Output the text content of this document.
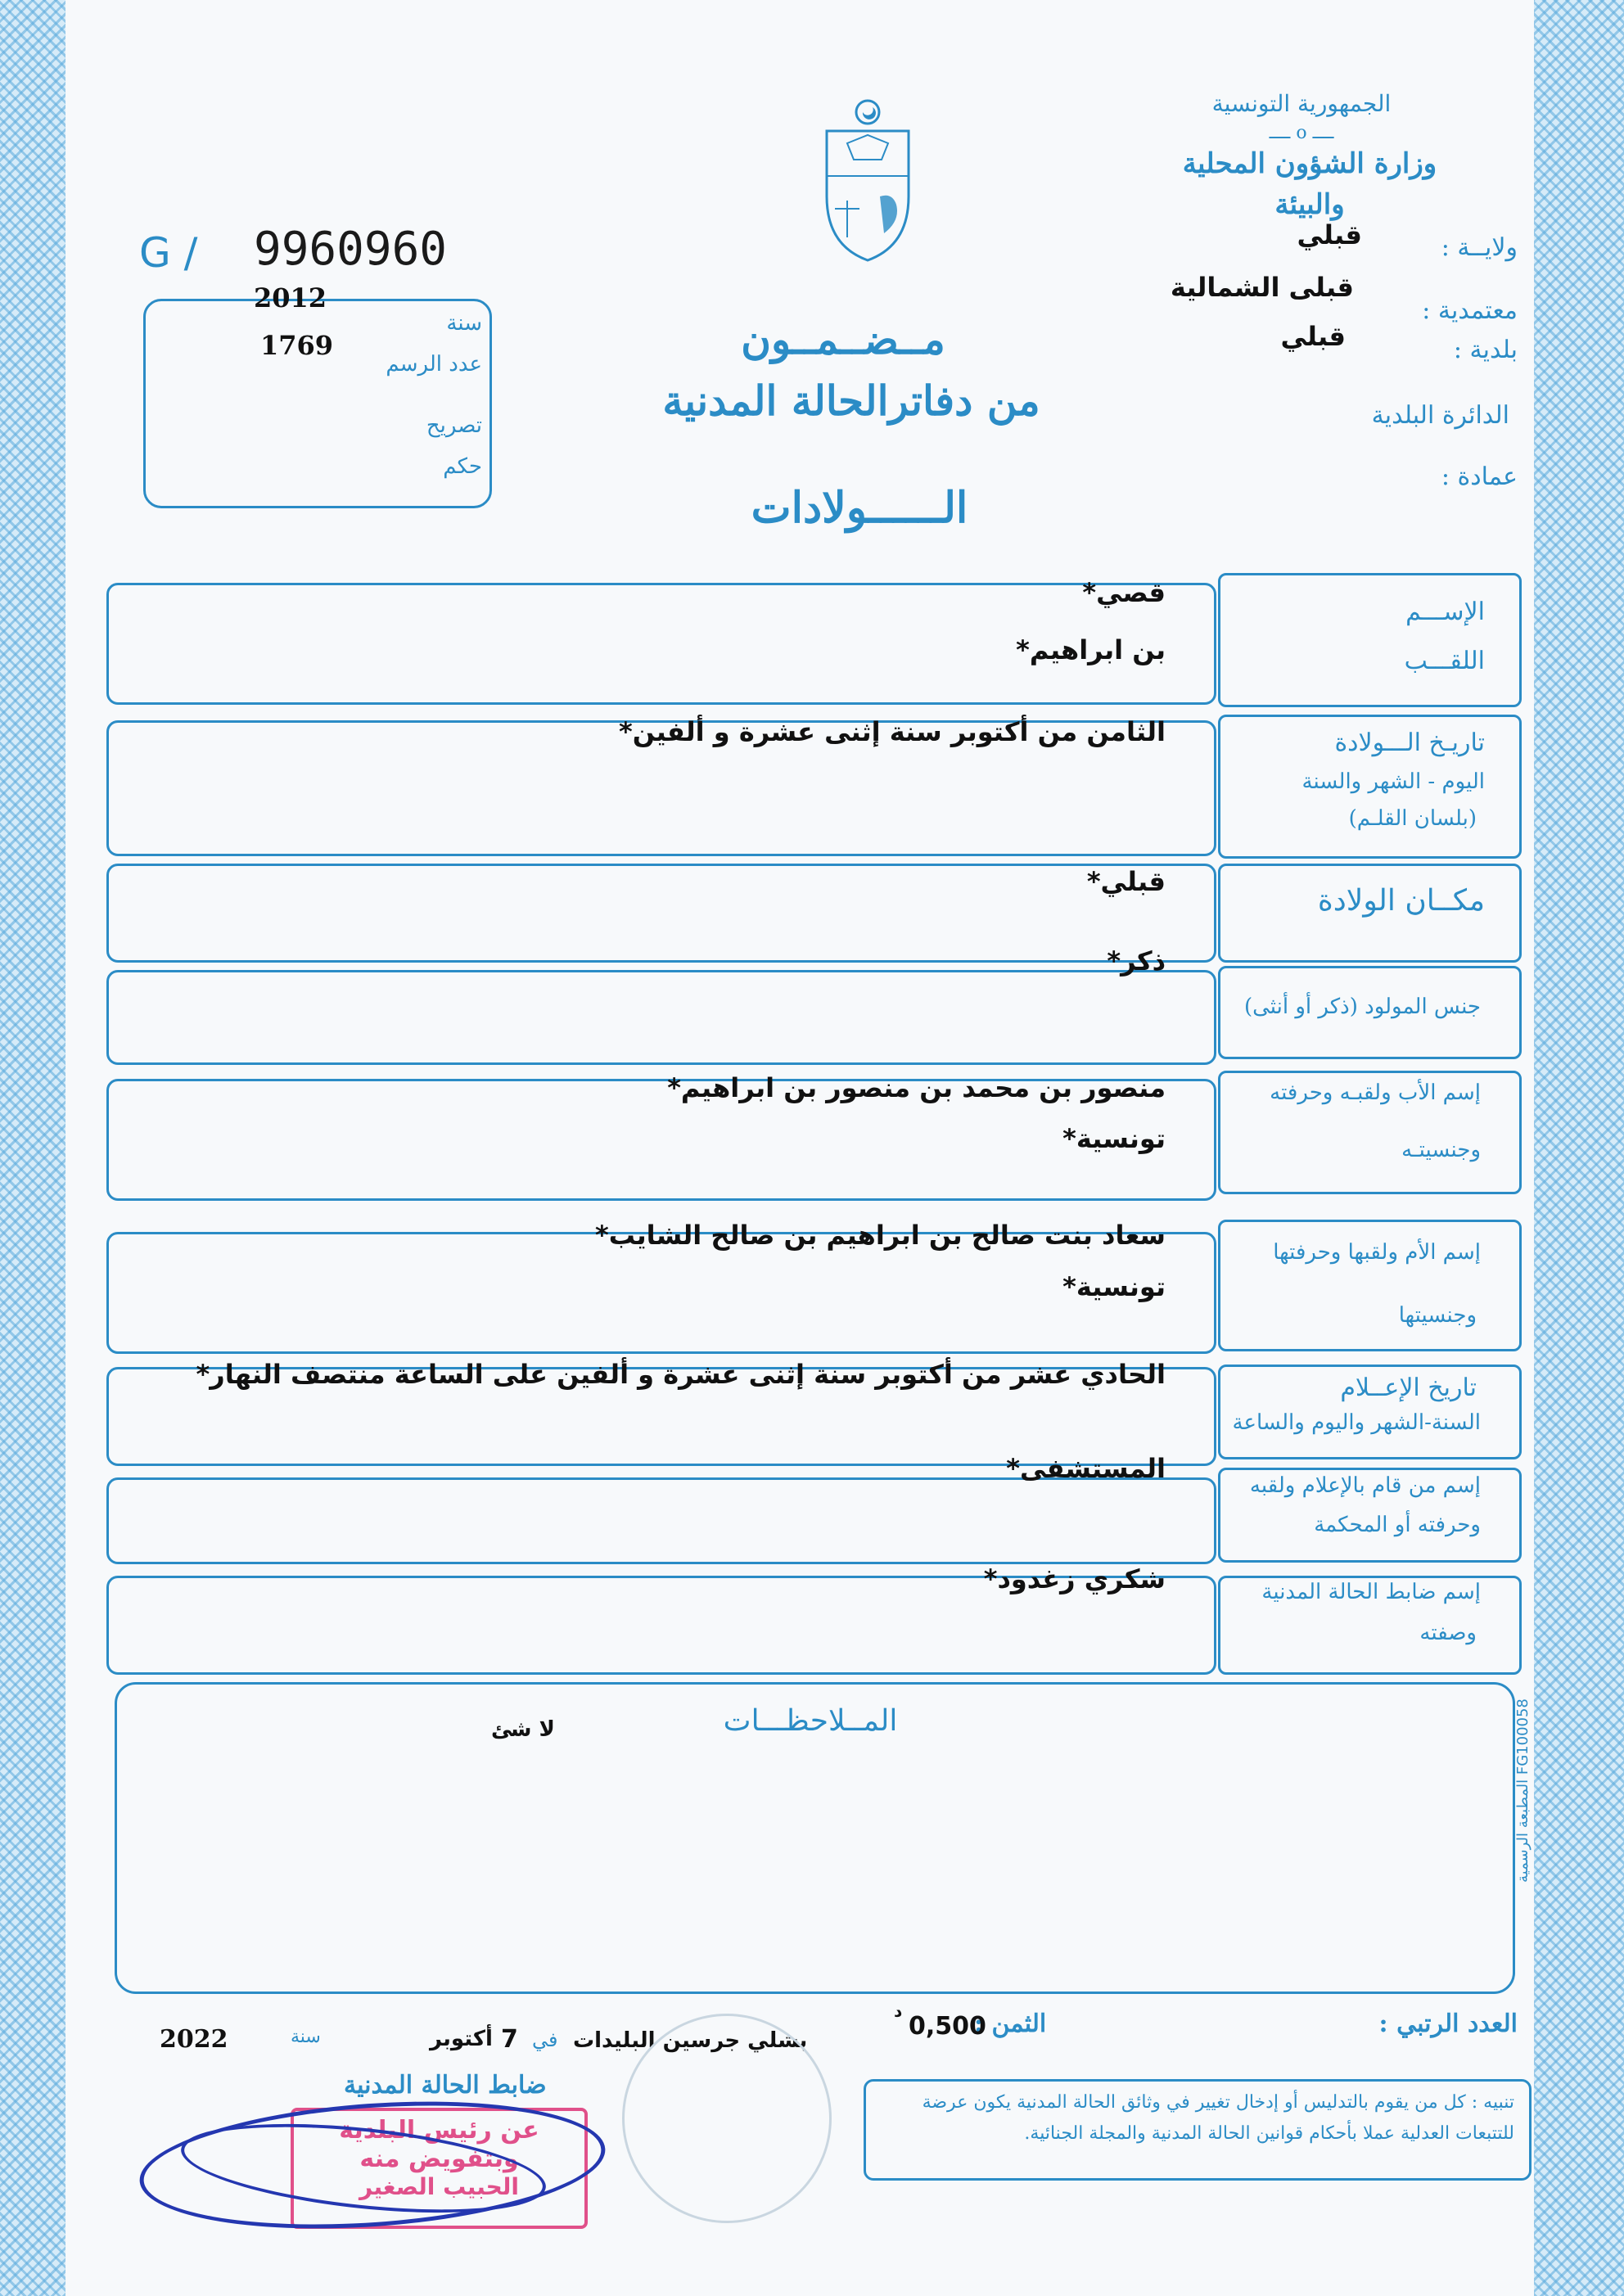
الجمهورية التونسية
ــــ o ــــ
وزارة الشؤون المحلية
والبيئة
ولايــة :
قبلي
معتمدية :
قبلى الشمالية
بلدية :
قبلي
الدائرة البلدية
عمادة :
G / 9960960
سنة
2012
عدد الرسم
1769
تصريح
حكم
مــضــمــون
من دفاترالحالة المدنية
الــــــولادات
الإســـم
اللقـــب
قصي*
بن ابراهيم*
تاريـخ الـــولادة
اليوم - الشهر والسنة
(بلسان القلـم)
الثامن من أكتوبر سنة إثنى عشرة و ألفين*
مكــان الولادة
قبلي*
جنس المولود (ذكر أو أنثى)
ذكر*
إسم الأب ولقبـه وحرفته
وجنسيتـه
منصور بن محمد بن منصور بن ابراهيم*
تونسية*
إسم الأم ولقبها وحرفتها
وجنسيتها
سعاد بنت صالح بن ابراهيم بن صالح الشايب*
تونسية*
تاريخ الإعــلام
السنة-الشهر واليوم والساعة
الحادي عشر من أكتوبر سنة إثنى عشرة و ألفين على الساعة منتصف النهار*
إسم من قام بالإعلام ولقبه
وحرفته أو المحكمة
المستشفى*
إسم ضابط الحالة المدنية
وصفته
شكري زغدود*
المــلاحظـــات
لا شئ
FG100058 المطبعة الرسمية
العدد الرتبي :
الثمن :
0,500
د
بشلي جرسين البليدات
في
7
أكتوبر
سنة
2022
ضابط الحالة المدنية
تنبيه : كل من يقوم بالتدليس أو إدخال تغيير في وثائق الحالة المدنية يكون عرضة للتتبعات العدلية عملا بأحكام قوانين الحالة المدنية والمجلة الجنائية.
عن رئيس البلدية
وبتفويض منه
الحبيب الصغير
